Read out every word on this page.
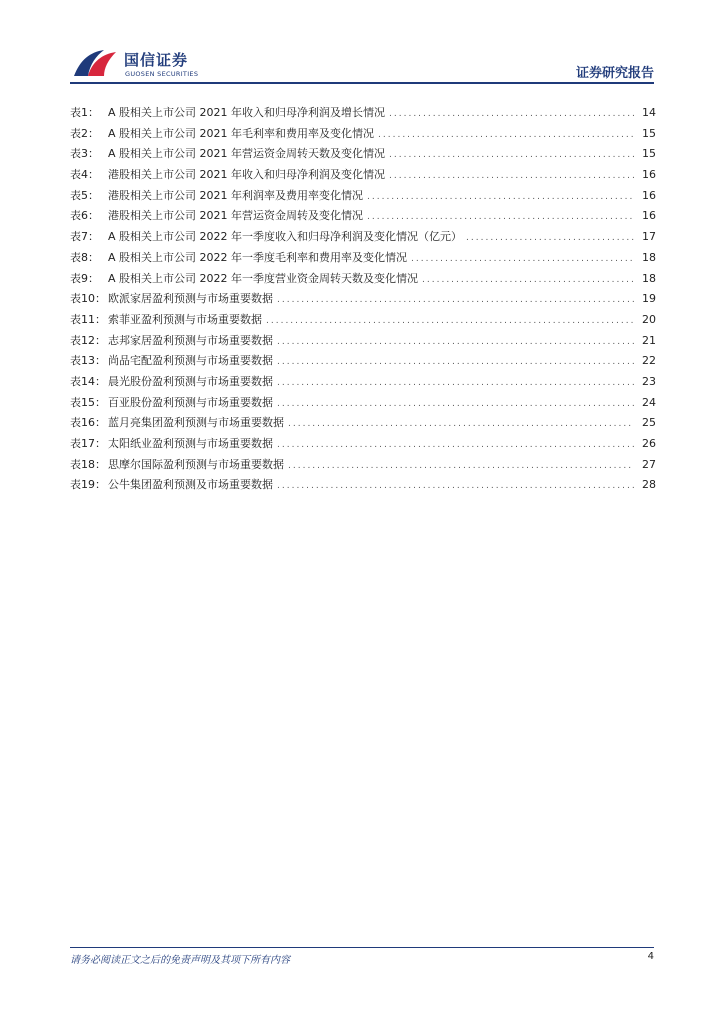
国信证券
GUOSEN SECURITIES	证券研究报告
表1： A 股相关上市公司 2021 年收入和归母净利润及增长情况 .....	14
表2： A 股相关上市公司 2021 年毛利率和费用率及变化情况 .....	15
表3： A 股相关上市公司 2021 年营运资金周转天数及变化情况 .....	15
表4： 港股相关上市公司 2021 年收入和归母净利润及变化情况 .....	16
表5： 港股相关上市公司 2021 年利润率及费用率变化情况 .....	16
表6： 港股相关上市公司 2021 年营运资金周转及变化情况 .....	16
表7： A 股相关上市公司 2022 年一季度收入和归母净利润及变化情况（亿元） .....	17
表8： A 股相关上市公司 2022 年一季度毛利率和费用率及变化情况 .....	18
表9： A 股相关上市公司 2022 年一季度营业资金周转天数及变化情况 .....	18
表10： 欧派家居盈利预测与市场重要数据 .....	19
表11： 索菲亚盈利预测与市场重要数据 .....	20
表12： 志邦家居盈利预测与市场重要数据 .....	21
表13： 尚品宅配盈利预测与市场重要数据 .....	22
表14： 晨光股份盈利预测与市场重要数据 .....	23
表15： 百亚股份盈利预测与市场重要数据 .....	24
表16： 蓝月亮集团盈利预测与市场重要数据 .....	25
表17： 太阳纸业盈利预测与市场重要数据 .....	26
表18： 思摩尔国际盈利预测与市场重要数据 .....	27
表19： 公牛集团盈利预测及市场重要数据 .....	28
请务必阅读正文之后的免责声明及其项下所有内容	4
